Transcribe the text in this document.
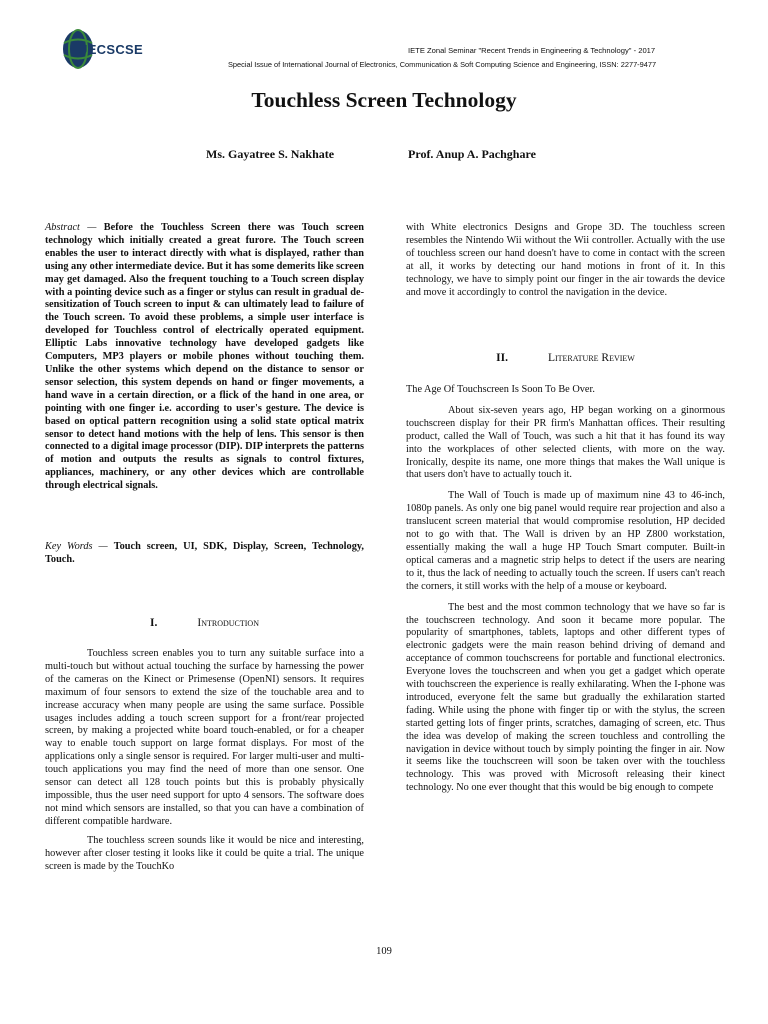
UECSCSE	IETE Zonal Seminar "Recent Trends in Engineering & Technology" - 2017
Special Issue of International Journal of Electronics, Communication & Soft Computing Science and Engineering, ISSN: 2277-9477
Touchless Screen Technology
Ms. Gayatree S. Nakhate	Prof. Anup A. Pachghare

Abstract — Before the Touchless Screen there was Touch screen technology which initially created a great furore. The Touch screen enables the user to interact directly with what is displayed, rather than using any other intermediate device. But it has some demerits like screen may get damaged. Also the frequent touching to a Touch screen display with a pointing device such as a finger or stylus can result in gradual de-sensitization of Touch screen to input & can ultimately lead to failure of the Touch screen. To avoid these problems, a simple user interface is developed for Touchless control of electrically operated equipment. Elliptic Labs innovative technology have developed gadgets like Computers, MP3 players or mobile phones without touching them. Unlike the other systems which depend on the distance to sensor or sensor selection, this system depends on hand or finger movements, a hand wave in a certain direction, or a flick of the hand in one area, or pointing with one finger i.e. according to user's gesture. The device is based on optical pattern recognition using a solid state optical matrix sensor to detect hand motions with the help of lens. This sensor is then connected to a digital image processor (DIP). DIP interprets the patterns of motion and outputs the results as signals to control fixtures, appliances, machinery, or any other devices which are controllable through electrical signals.

Key Words — Touch screen, UI, SDK, Display, Screen, Technology, Touch.

I.	Introduction

Touchless screen enables you to turn any suitable surface into a multi-touch but without actual touching the surface by harnessing the power of the cameras on the Kinect or Primesense (OpenNI) sensors. It requires maximum of four sensors to extend the size of the touchable area and to increase accuracy when many people are using the same surface. Possible usages includes adding a touch screen support for a front/rear projected screen, by making a projected white board touch-enabled, or for a cheaper way to enable touch support on large format displays. For most of the applications only a single sensor is required. For larger multi-user and multi-touch applications you may find the need of more than one sensor. One sensor can detect all 128 touch points but this is probably physically impossible, thus the user need support for upto 4 sensors. The software does not mind which sensors are installed, so that you can have a combination of different compatible hardware.

The touchless screen sounds like it would be nice and interesting, however after closer testing it looks like it could be quite a trial. The unique screen is made by the TouchKo

with White electronics Designs and Grope 3D. The touchless screen resembles the Nintendo Wii without the Wii controller. Actually with the use of touchless screen our hand doesn't have to come in contact with the screen at all, it works by detecting our hand motions in front of it. In this technology, we have to simply point our finger in the air towards the device and move it accordingly to control the navigation in the device.

II.	Literature Review

The Age Of Touchscreen Is Soon To Be Over.

About six-seven years ago, HP began working on a ginormous touchscreen display for their PR firm's Manhattan offices. Their resulting product, called the Wall of Touch, was such a hit that it has found its way into the workplaces of other selected clients, with more on the way. Ironically, despite its name, one more things that makes the Wall unique is that users don't have to actually touch it.

The Wall of Touch is made up of maximum nine 43 to 46-inch, 1080p panels. As only one big panel would require rear projection and also a translucent screen material that would compromise resolution, HP decided not to go with that. The Wall is driven by an HP Z800 workstation, essentially making the wall a huge HP Touch Smart computer. Built-in optical cameras and a magnetic strip helps to detect if the users are nearing to it, thus the lack of needing to actually touch the screen. If users can't reach the corners, it still works with the help of a mouse or keyboard.

The best and the most common technology that we have so far is the touchscreen technology. And soon it became more popular. The popularity of smartphones, tablets, laptops and other different types of electronic gadgets were the main reason behind driving of demand and acceptance of common touchscreens for portable and functional electronics. Everyone loves the touchscreen and when you get a gadget which operate with touchscreen the experience is really exhilarating. When the I-phone was introduced, everyone felt the same but gradually the exhilaration started fading. While using the phone with finger tip or with the stylus, the screen started getting lots of finger prints, scratches, damaging of screen, etc. Thus the idea was develop of making the screen touchless and controlling the navigation in device without touch by simply pointing the finger in air. Now it seems like the touchscreen will soon be taken over with the touchless technology. This was proved with Microsoft releasing their kinect technology. No one ever thought that this would be big enough to compete

109
